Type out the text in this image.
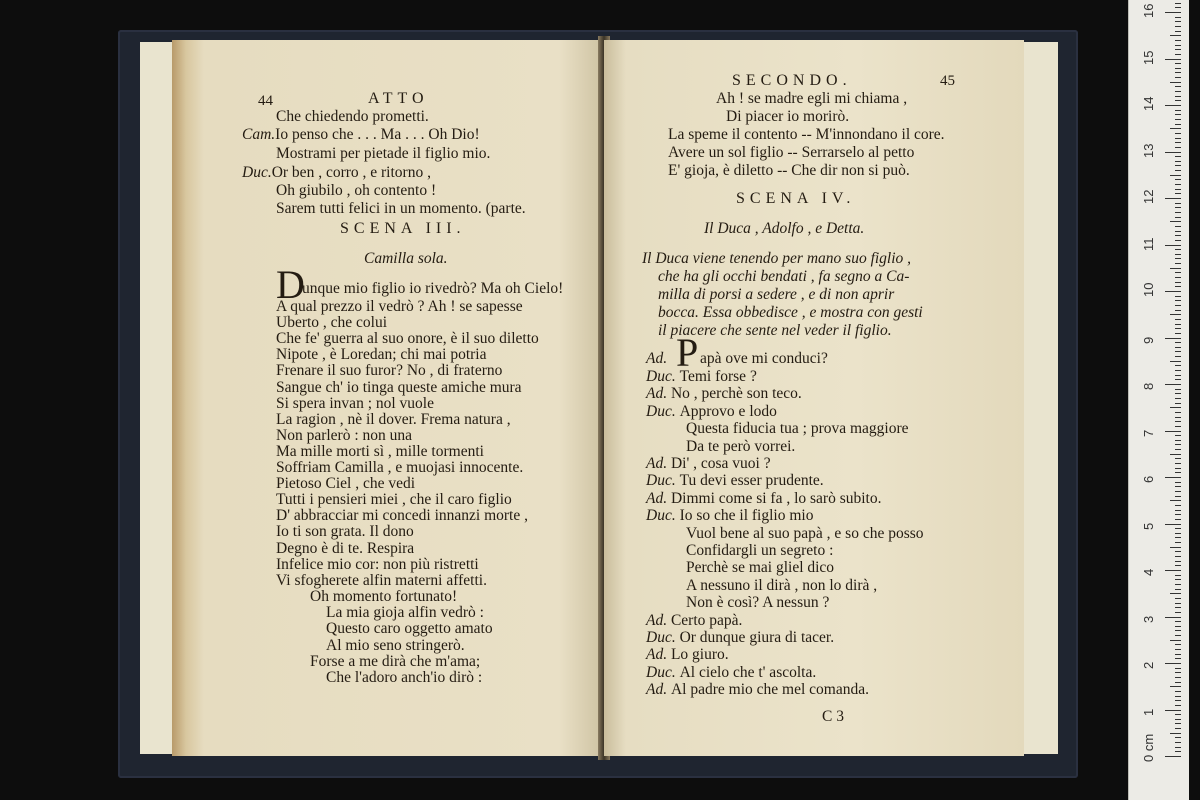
44	ATTO
Che chiedendo prometti.
Cam.Io penso che . . . Ma . . . Oh Dio!
Mostrami per pietade il figlio mio.
Duc.Or ben , corro , e ritorno ,
Oh giubilo , oh contento !
Sarem tutti felici in un momento. (parte.
SCENA III.
Camilla sola.
D
unque mio figlio io rivedrò? Ma oh Cielo!
A qual prezzo il vedrò ? Ah ! se sapesse
Uberto , che colui
Che fe' guerra al suo onore, è il suo diletto
Nipote , è Loredan; chi mai potria
Frenare il suo furor? No , di fraterno
Sangue ch' io tinga queste amiche mura
Si spera invan ; nol vuole
La ragion , nè il dover. Frema natura ,
Non parlerò : non una
Ma mille morti sì , mille tormenti
Soffriam Camilla , e muojasi innocente.
Pietoso Ciel , che vedi
Tutti i pensieri miei , che il caro figlio
D' abbracciar mi concedi innanzi morte ,
Io ti son grata. Il dono
Degno è di te. Respira
Infelice mio cor: non più ristretti
Vi sfogherete alfin materni affetti.
Oh momento fortunato!
La mia gioja alfin vedrò :
Questo caro oggetto amato
Al mio seno stringerò.
Forse a me dirà che m'ama;
Che l'adoro anch'io dirò :
SECONDO.	45
Ah ! se madre egli mi chiama ,
Di piacer io morirò.
La speme il contento -- M'innondano il core.
Avere un sol figlio -- Serrarselo al petto
E' gioja, è diletto -- Che dir non si può.
SCENA IV.
Il Duca , Adolfo , e Detta.
Il Duca viene tenendo per mano suo figlio ,
che ha gli occhi bendati , fa segno a Ca-
milla di porsi a sedere , e di non aprir
bocca. Essa obbedisce , e mostra con gesti
il piacere che sente nel veder il figlio.
Ad. P apà ove mi conduci?
Duc. Temi forse ?
Ad. No , perchè son teco.
Duc. Approvo e lodo
Questa fiducia tua ; prova maggiore
Da te però vorrei.
Ad. Di' , cosa vuoi ?
Duc. Tu devi esser prudente.
Ad. Dimmi come si fa , lo sarò subito.
Duc. Io so che il figlio mio
Vuol bene al suo papà , e so che posso
Confidargli un segreto :
Perchè se mai gliel dico
A nessuno il dirà , non lo dirà ,
Non è così? A nessun ?
Ad. Certo papà.
Duc. Or dunque giura di tacer.
Ad. Lo giuro.
Duc. Al cielo che t' ascolta.
Ad. Al padre mio che mel comanda.
C 3
0 cm
1
2
3
4
5
6
7
8
9
10
11
12
13
14
15
16
